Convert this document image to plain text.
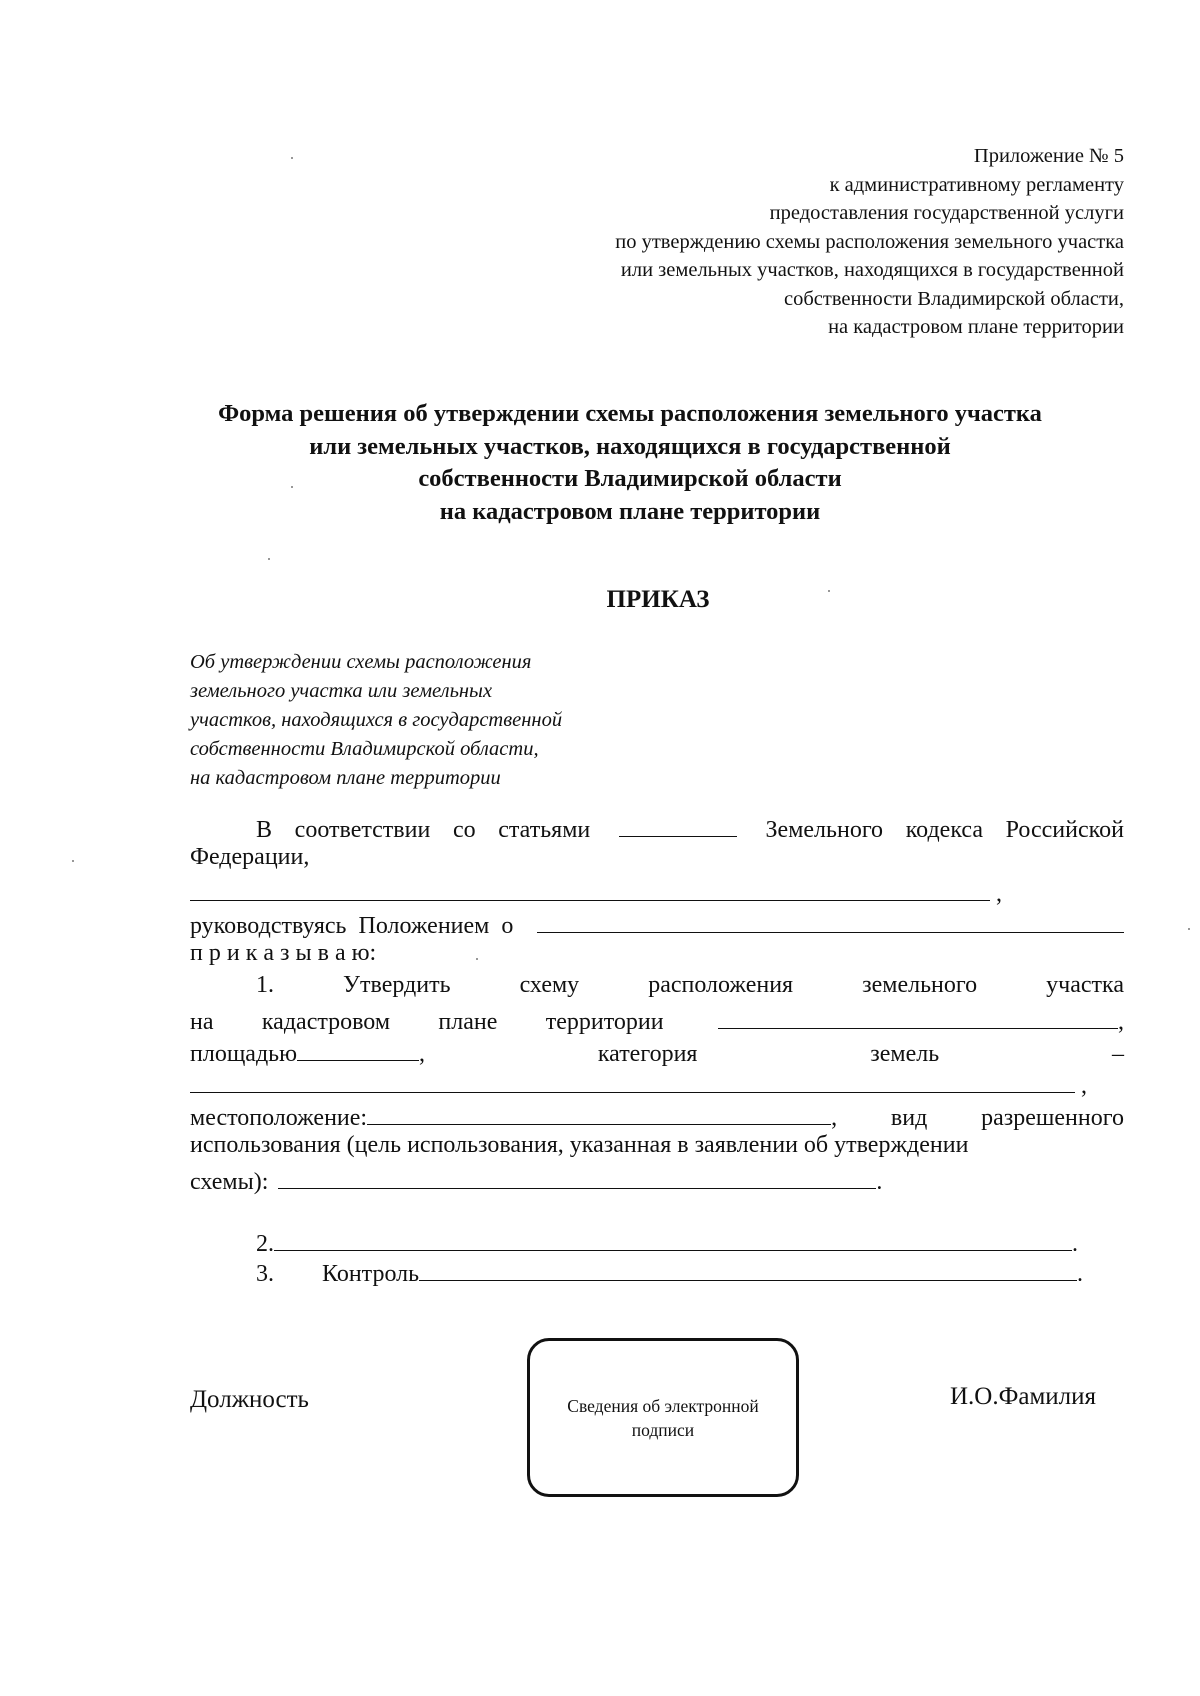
Приложение № 5
к административному регламенту
предоставления государственной услуги
по утверждению схемы расположения земельного участка
или земельных участков, находящихся в государственной
собственности Владимирской области,
на кадастровом плане территории
Форма решения об утверждении схемы расположения земельного участка
или земельных участков, находящихся в государственной
собственности Владимирской области
на кадастровом плане территории
ПРИКАЗ
Об утверждении схемы расположения
земельного участка или земельных
участков, находящихся в государственной
собственности Владимирской области,
на кадастровом плане территории
В соответствии со статьями	Земельного кодекса Российской
Федерации,
,
руководствуясь Положением о
п р и к а з ы в а ю:
1.	Утвердить	схему	расположения	земельного	участка
на кадастровом плане территории	,
площадью	,	категория	земель	–
,
местоположение:	, вид разрешенного
использования (цель использования, указанная в заявлении об утверждении
схемы):	.
2.	.
3. Контроль	.
Должность	Сведения об электронной
подписи
И.О.Фамилия
